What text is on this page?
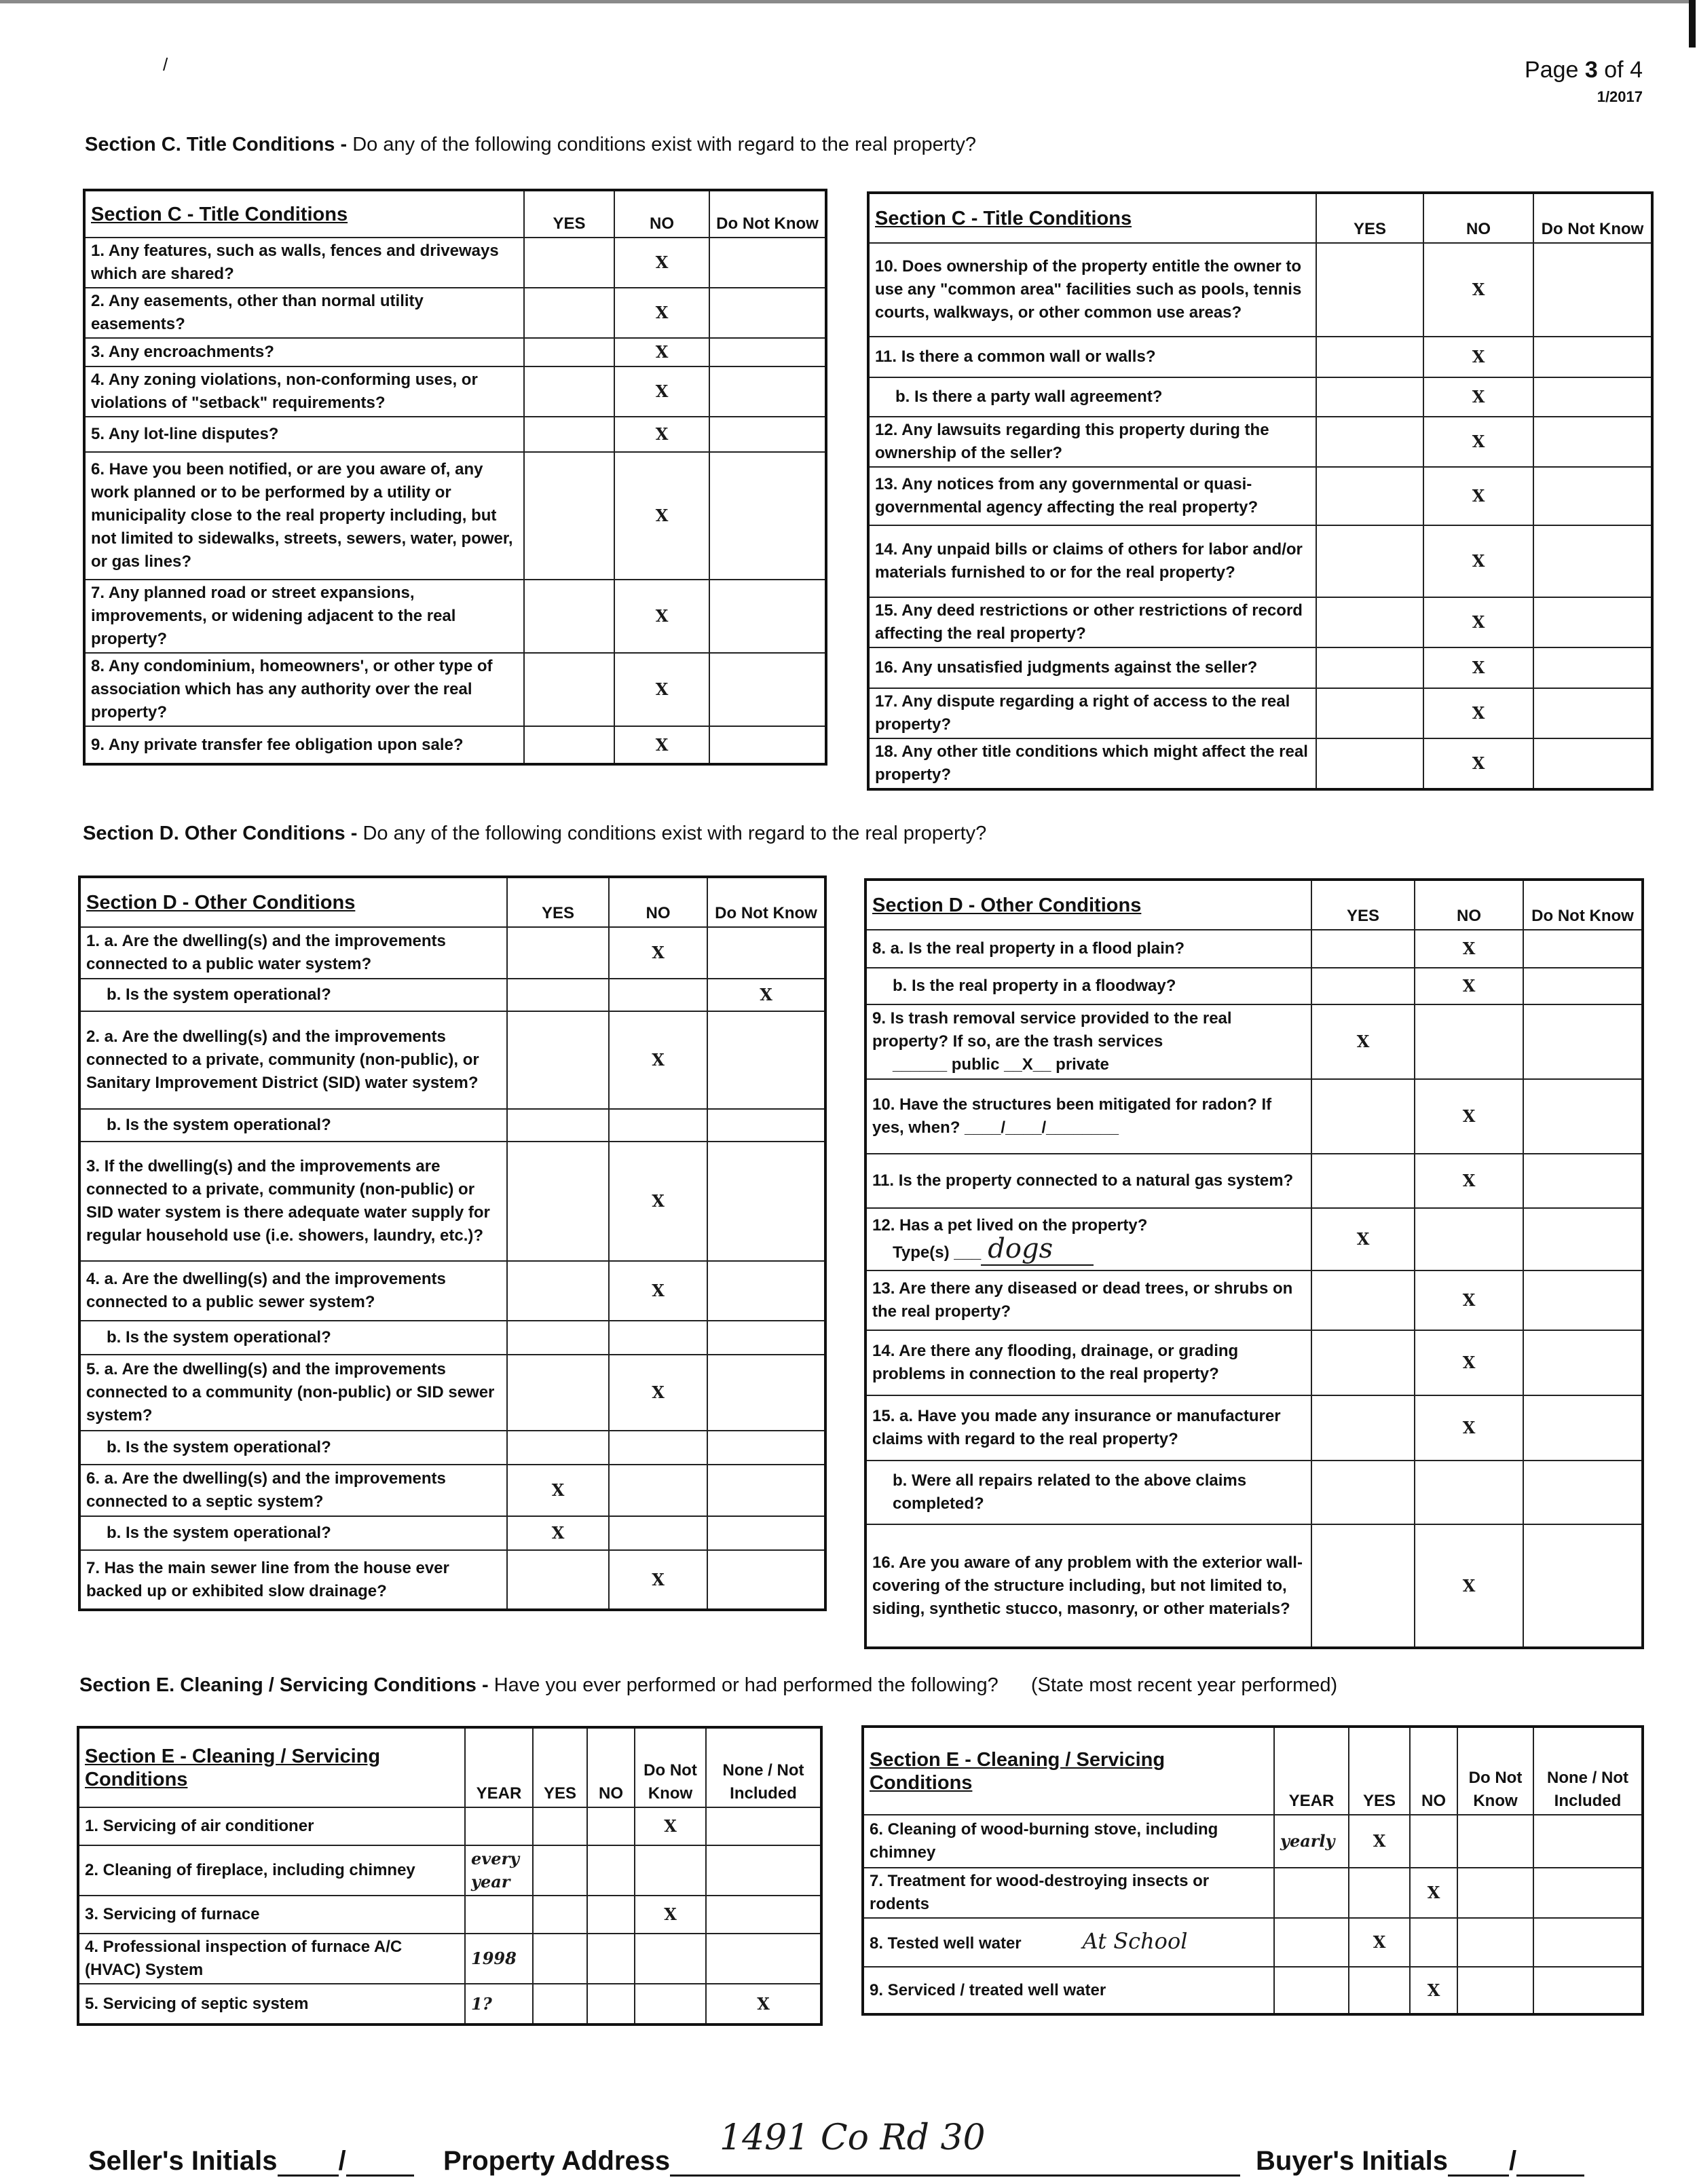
/	Page 3 of 4
1/2017
Section C. Title Conditions - Do any of the following conditions exist with regard to the real property?
Section C - Title Conditions	YES	NO	Do Not Know
1. Any features, such as walls, fences and driveways which are shared?		X	
2. Any easements, other than normal utility easements?		X	
3. Any encroachments?		X	
4. Any zoning violations, non-conforming uses, or violations of "setback" requirements?		X	
5. Any lot-line disputes?		X	
6. Have you been notified, or are you aware of, any work planned or to be performed by a utility or municipality close to the real property including, but not limited to sidewalks, streets, sewers, water, power, or gas lines?		X	
7. Any planned road or street expansions, improvements, or widening adjacent to the real property?		X	
8. Any condominium, homeowners', or other type of association which has any authority over the real property?		X	
9. Any private transfer fee obligation upon sale?		X	
Section C - Title Conditions	YES	NO	Do Not Know
10. Does ownership of the property entitle the owner to use any "common area" facilities such as pools, tennis courts, walkways, or other common use areas?		X	
11. Is there a common wall or walls?		X	
b. Is there a party wall agreement?		X	
12. Any lawsuits regarding this property during the ownership of the seller?		X	
13. Any notices from any governmental or quasi-governmental agency affecting the real property?		X	
14. Any unpaid bills or claims of others for labor and/or materials furnished to or for the real property?		X	
15. Any deed restrictions or other restrictions of record affecting the real property?		X	
16. Any unsatisfied judgments against the seller?		X	
17. Any dispute regarding a right of access to the real property?		X	
18. Any other title conditions which might affect the real property?		X	
Section D. Other Conditions - Do any of the following conditions exist with regard to the real property?
Section D - Other Conditions	YES	NO	Do Not Know
1. a. Are the dwelling(s) and the improvements connected to a public water system?		X	
b. Is the system operational?			X
2. a. Are the dwelling(s) and the improvements connected to a private, community (non-public), or Sanitary Improvement District (SID) water system?		X	
b. Is the system operational?			
3. If the dwelling(s) and the improvements are connected to a private, community (non-public) or SID water system is there adequate water supply for regular household use (i.e. showers, laundry, etc.)?		X	
4. a. Are the dwelling(s) and the improvements connected to a public sewer system?		X	
b. Is the system operational?			
5. a. Are the dwelling(s) and the improvements connected to a community (non-public) or SID sewer system?		X	
b. Is the system operational?			
6. a. Are the dwelling(s) and the improvements connected to a septic system?	X		
b. Is the system operational?	X		
7. Has the main sewer line from the house ever backed up or exhibited slow drainage?		X	
Section D - Other Conditions	YES	NO	Do Not Know
8. a. Is the real property in a flood plain?		X	
b. Is the real property in a floodway?		X	
9. Is trash removal service provided to the real property? If so, are the trash services
______ public __X__ private	X		
10. Have the structures been mitigated for radon? If yes, when? ____/____/________		X	
11. Is the property connected to a natural gas system?		X	
12. Has a pet lived on the property?
Type(s) ___ dogs	X		
13. Are there any diseased or dead trees, or shrubs on the real property?		X	
14. Are there any flooding, drainage, or grading problems in connection to the real property?		X	
15. a. Have you made any insurance or manufacturer claims with regard to the real property?		X	
b. Were all repairs related to the above claims completed?			
16. Are you aware of any problem with the exterior wall-covering of the structure including, but not limited to, siding, synthetic stucco, masonry, or other materials?		X	
Section E. Cleaning / Servicing Conditions - Have you ever performed or had performed the following? (State most recent year performed)
Section E - Cleaning / Servicing Conditions	YEAR	YES	NO	Do Not Know	None / Not Included
1. Servicing of air conditioner				X	
2. Cleaning of fireplace, including chimney	every year				
3. Servicing of furnace				X	
4. Professional inspection of furnace A/C (HVAC) System	1998				
5. Servicing of septic system	1?				X
Section E - Cleaning / Servicing Conditions	YEAR	YES	NO	Do Not Know	None / Not Included
6. Cleaning of wood-burning stove, including chimney	yearly	X			
7. Treatment for wood-destroying insects or rodents			X		
8. Tested well water At School		X			
9. Serviced / treated well water			X		
Seller's Initials /	Property Address
1491 Co Rd 30
Buyer's Initials /
